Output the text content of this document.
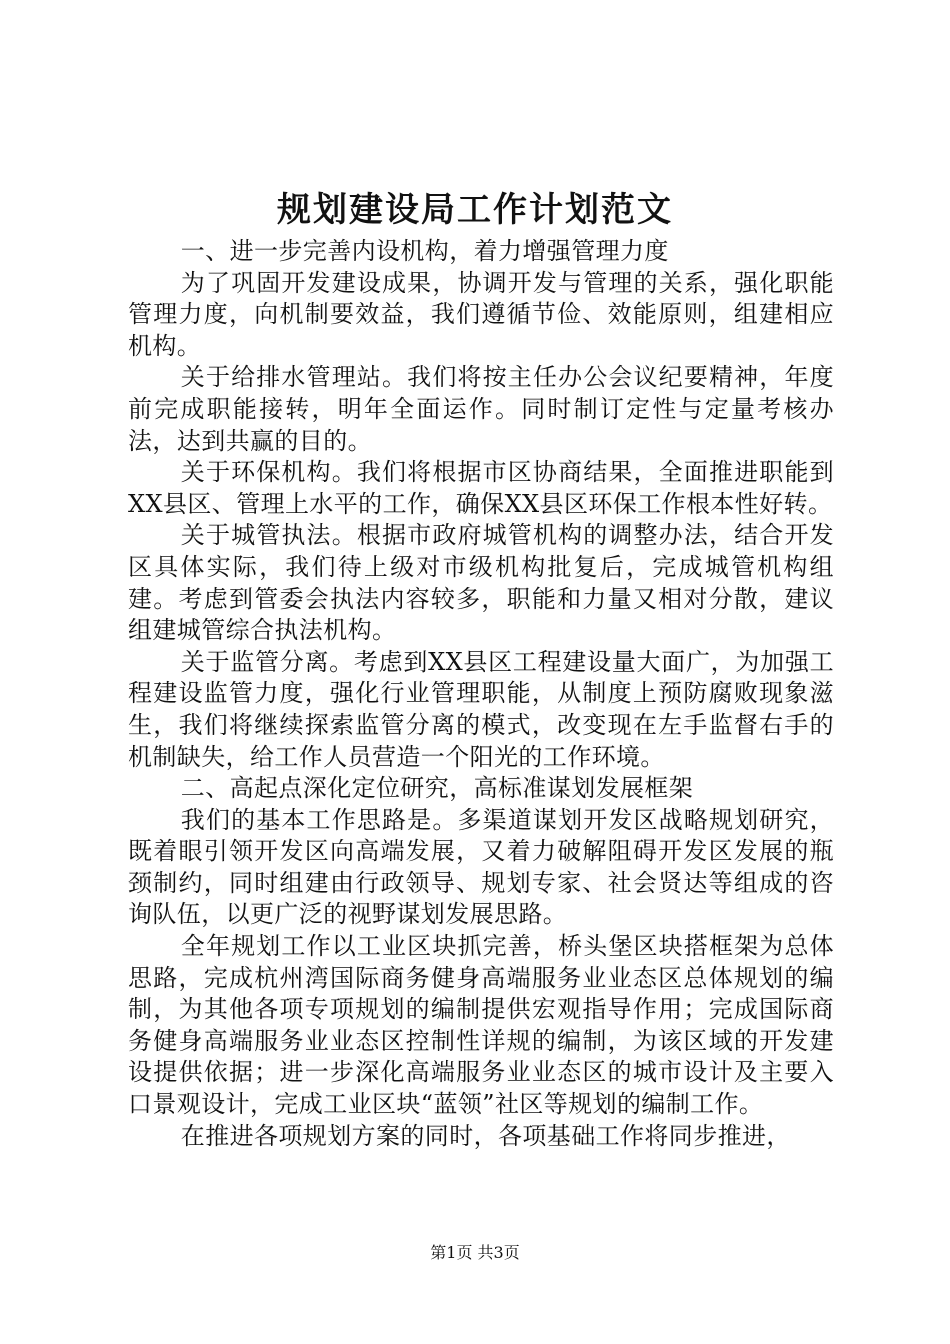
规划建设局工作计划范文

一、进一步完善内设机构，着力增强管理力度

为了巩固开发建设成果，协调开发与管理的关系，强化职能管理力度，向机制要效益，我们遵循节俭、效能原则，组建相应机构。

关于给排水管理站。我们将按主任办公会议纪要精神，年度前完成职能接转，明年全面运作。同时制订定性与定量考核办法，达到共赢的目的。

关于环保机构。我们将根据市区协商结果，全面推进职能到XX县区、管理上水平的工作，确保XX县区环保工作根本性好转。

关于城管执法。根据市政府城管机构的调整办法，结合开发区具体实际，我们待上级对市级机构批复后，完成城管机构组建。考虑到管委会执法内容较多，职能和力量又相对分散，建议组建城管综合执法机构。

关于监管分离。考虑到XX县区工程建设量大面广，为加强工程建设监管力度，强化行业管理职能，从制度上预防腐败现象滋生，我们将继续探索监管分离的模式，改变现在左手监督右手的机制缺失，给工作人员营造一个阳光的工作环境。

二、高起点深化定位研究，高标准谋划发展框架

我们的基本工作思路是。多渠道谋划开发区战略规划研究，既着眼引领开发区向高端发展，又着力破解阻碍开发区发展的瓶颈制约，同时组建由行政领导、规划专家、社会贤达等组成的咨询队伍，以更广泛的视野谋划发展思路。

全年规划工作以工业区块抓完善，桥头堡区块搭框架为总体思路，完成杭州湾国际商务健身高端服务业业态区总体规划的编制，为其他各项专项规划的编制提供宏观指导作用；完成国际商务健身高端服务业业态区控制性详规的编制，为该区域的开发建设提供依据；进一步深化高端服务业业态区的城市设计及主要入口景观设计，完成工业区块“蓝领”社区等规划的编制工作。

在推进各项规划方案的同时，各项基础工作将同步推进，

第1页 共3页
